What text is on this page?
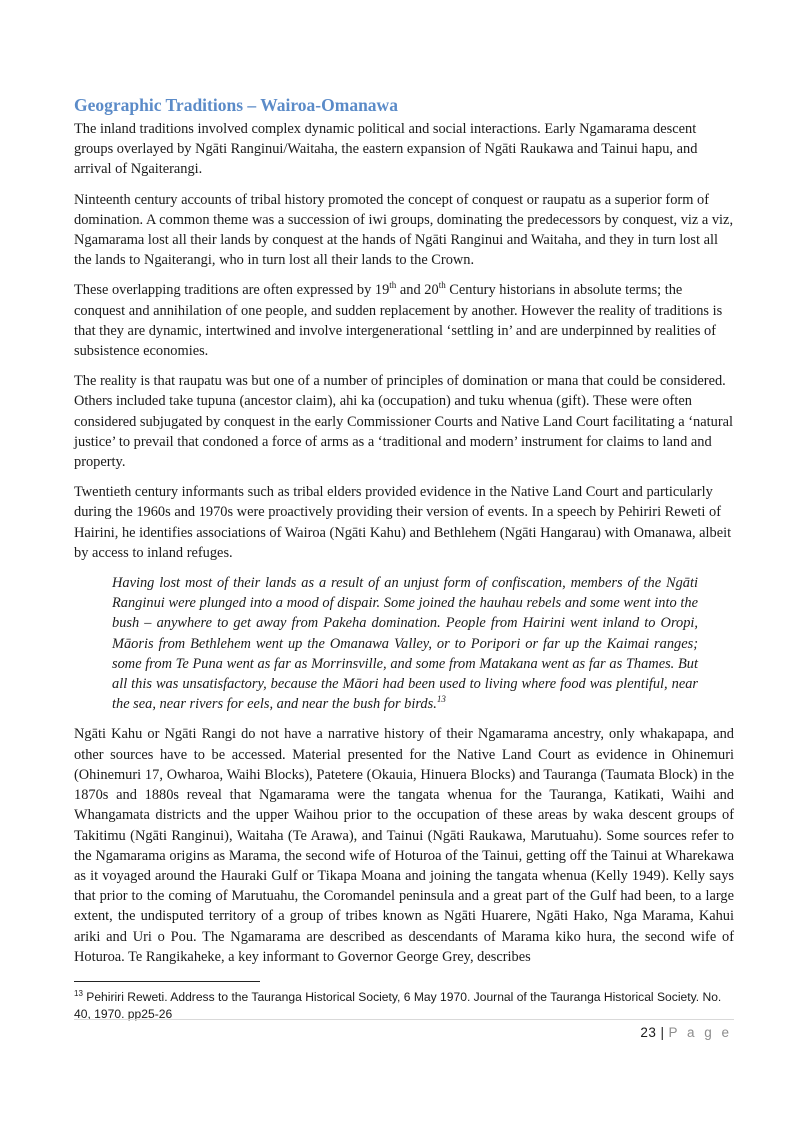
Geographic Traditions – Wairoa-Omanawa

The inland traditions involved complex dynamic political and social interactions. Early Ngamarama descent groups overlayed by Ngāti Ranginui/Waitaha, the eastern expansion of Ngāti Raukawa and Tainui hapu, and arrival of Ngaiterangi.

Ninteenth century accounts of tribal history promoted the concept of conquest or raupatu as a superior form of domination. A common theme was a succession of iwi groups, dominating the predecessors by conquest, viz a viz, Ngamarama lost all their lands by conquest at the hands of Ngāti Ranginui and Waitaha, and they in turn lost all the lands to Ngaiterangi, who in turn lost all their lands to the Crown.

These overlapping traditions are often expressed by 19th and 20th Century historians in absolute terms; the conquest and annihilation of one people, and sudden replacement by another. However the reality of traditions is that they are dynamic, intertwined and involve intergenerational ‘settling in’ and are underpinned by realities of subsistence economies.

The reality is that raupatu was but one of a number of principles of domination or mana that could be considered. Others included take tupuna (ancestor claim), ahi ka (occupation) and tuku whenua (gift). These were often considered subjugated by conquest in the early Commissioner Courts and Native Land Court facilitating a ‘natural justice’ to prevail that condoned a force of arms as a ‘traditional and modern’ instrument for claims to land and property.

Twentieth century informants such as tribal elders provided evidence in the Native Land Court and particularly during the 1960s and 1970s were proactively providing their version of events. In a speech by Pehiriri Reweti of Hairini, he identifies associations of Wairoa (Ngāti Kahu) and Bethlehem (Ngāti Hangarau) with Omanawa, albeit by access to inland refuges.

Having lost most of their lands as a result of an unjust form of confiscation, members of the Ngāti Ranginui were plunged into a mood of dispair. Some joined the hauhau rebels and some went into the bush – anywhere to get away from Pakeha domination. People from Hairini went inland to Oropi, Māoris from Bethlehem went up the Omanawa Valley, or to Poripori or far up the Kaimai ranges; some from Te Puna went as far as Morrinsville, and some from Matakana went as far as Thames. But all this was unsatisfactory, because the Māori had been used to living where food was plentiful, near the sea, near rivers for eels, and near the bush for birds.$^{13}$

Ngāti Kahu or Ngāti Rangi do not have a narrative history of their Ngamarama ancestry, only whakapapa, and other sources have to be accessed. Material presented for the Native Land Court as evidence in Ohinemuri (Ohinemuri 17, Owharoa, Waihi Blocks), Patetere (Okauia, Hinuera Blocks) and Tauranga (Taumata Block) in the 1870s and 1880s reveal that Ngamarama were the tangata whenua for the Tauranga, Katikati, Waihi and Whangamata districts and the upper Waihou prior to the occupation of these areas by waka descent groups of Takitimu (Ngāti Ranginui), Waitaha (Te Arawa), and Tainui (Ngāti Raukawa, Marutuahu). Some sources refer to the Ngamarama origins as Marama, the second wife of Hoturoa of the Tainui, getting off the Tainui at Wharekawa as it voyaged around the Hauraki Gulf or Tikapa Moana and joining the tangata whenua (Kelly 1949). Kelly says that prior to the coming of Marutuahu, the Coromandel peninsula and a great part of the Gulf had been, to a large extent, the undisputed territory of a group of tribes known as Ngāti Huarere, Ngāti Hako, Nga Marama, Kahui ariki and Uri o Pou. The Ngamarama are described as descendants of Marama kiko hura, the second wife of Hoturoa. Te Rangikaheke, a key informant to Governor George Grey, describes

$^{13}$ Pehiriri Reweti. Address to the Tauranga Historical Society, 6 May 1970. Journal of the Tauranga Historical Society. No. 40, 1970. pp25-26
23 | P a g e
